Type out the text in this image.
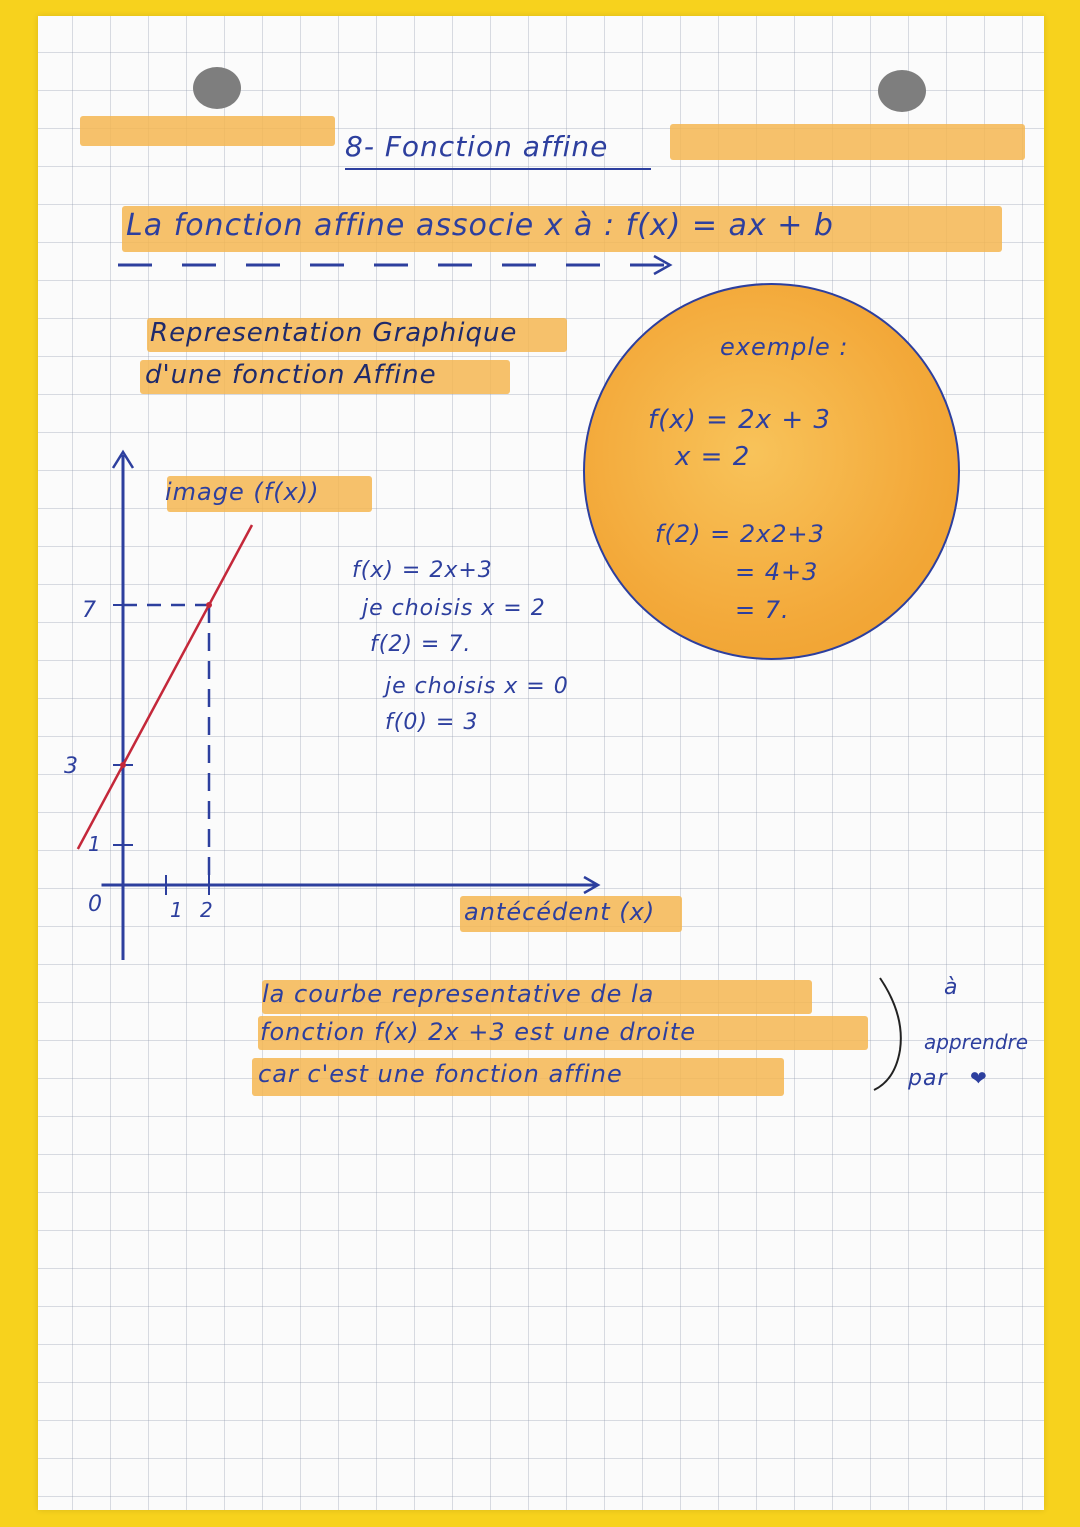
8- Fonction affine
La fonction affine associe x à : f(x) = ax + b
Representation Graphique
d'une fonction Affine
image (f(x))
antécédent (x)
7
3
1
1 2
0
f(x) = 2x+3
je choisis x = 2
f(2) = 7.
je choisis x = 0
f(0) = 3
exemple :
f(x) = 2x + 3
x = 2
f(2) = 2x2+3
= 4+3
= 7.
la courbe representative de la
fonction f(x) 2x +3 est une droite
car c'est une fonction affine
à
apprendre
par ❤
